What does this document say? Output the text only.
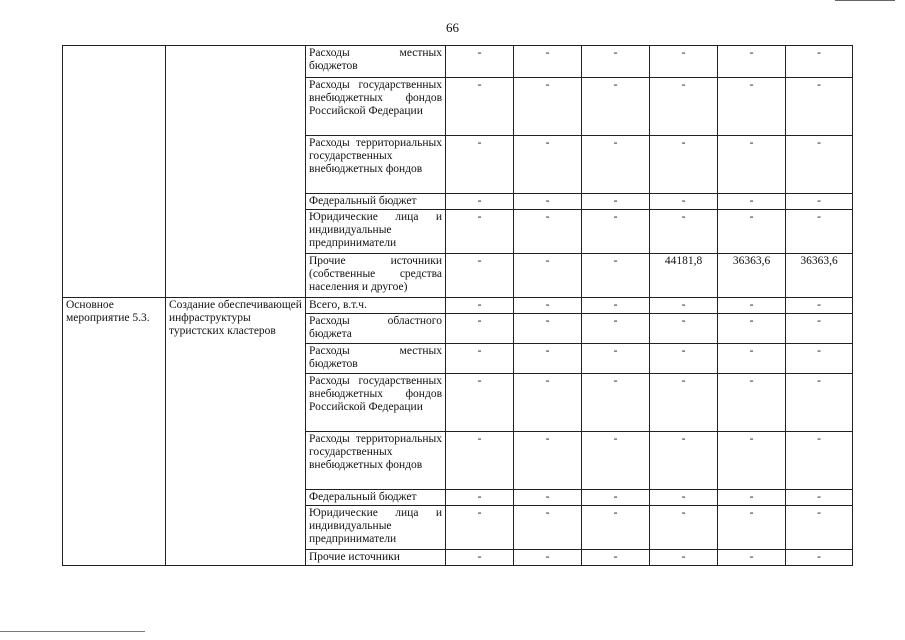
66
		Расходы местных бюджетов	-	-	-	-	-	-
		Расходы государственных внебюджетных фондов Российской Федерации	-	-	-	-	-	-
		Расходы территориальных государственных внебюджетных фондов	-	-	-	-	-	-
		Федеральный бюджет	-	-	-	-	-	-
		Юридические лица и индивидуальные предприниматели	-	-	-	-	-	-
		Прочие источники (собственные средства населения и другое)	-	-	-	44181,8	36363,6	36363,6
Основное мероприятие 5.3.	Создание обеспечивающей инфраструктуры туристских кластеров	Всего, в.т.ч.	-	-	-	-	-	-
		Расходы областного бюджета	-	-	-	-	-	-
		Расходы местных бюджетов	-	-	-	-	-	-
		Расходы государственных внебюджетных фондов Российской Федерации	-	-	-	-	-	-
		Расходы территориальных государственных внебюджетных фондов	-	-	-	-	-	-
		Федеральный бюджет	-	-	-	-	-	-
		Юридические лица и индивидуальные предприниматели	-	-	-	-	-	-
		Прочие источники	-	-	-	-	-	-
